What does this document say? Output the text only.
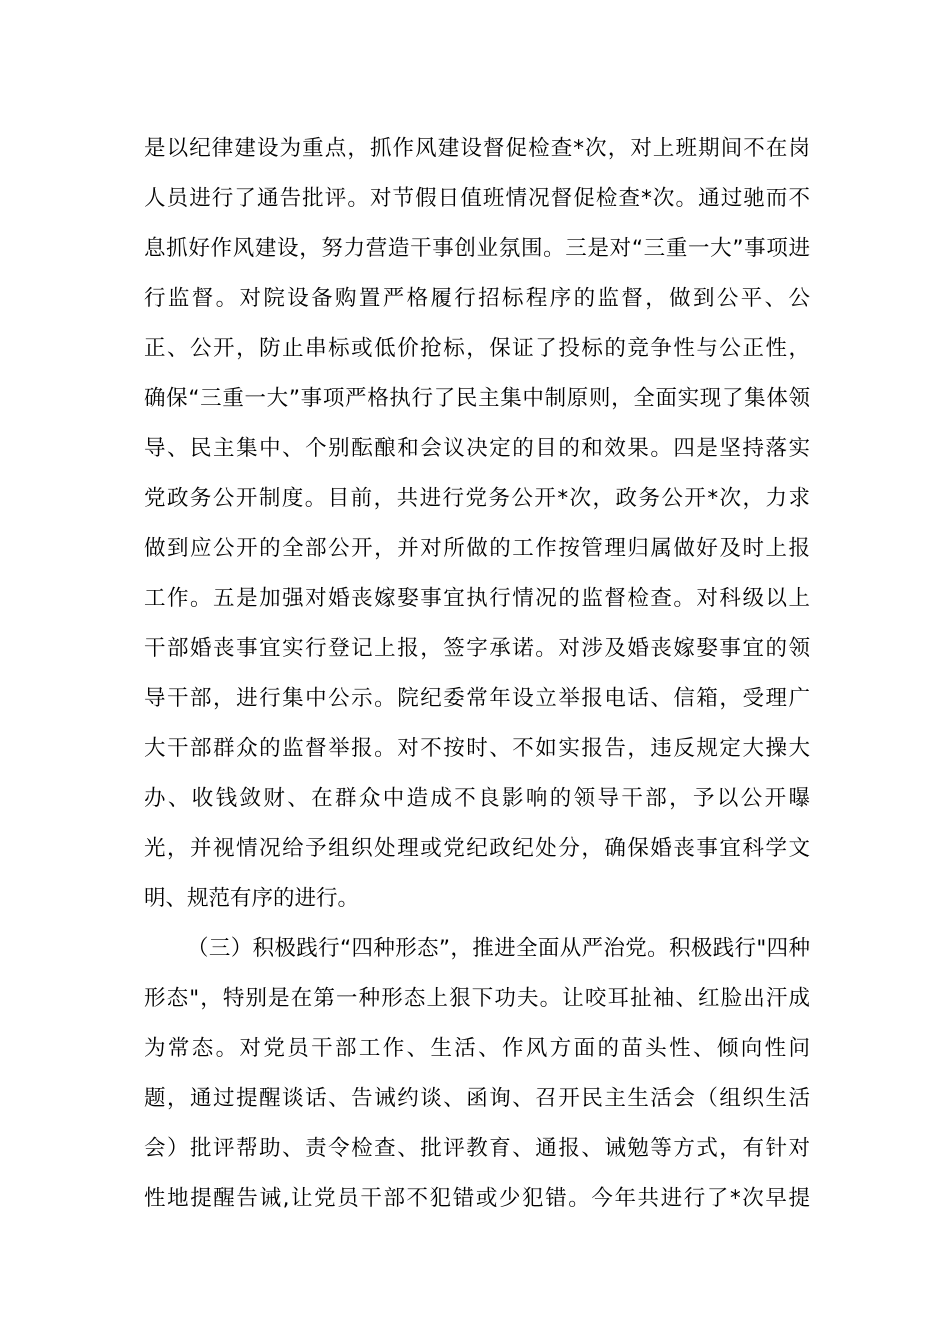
是以纪律建设为重点，抓作风建设督促检查*次，对上班期间不在岗
人员进行了通告批评。对节假日值班情况督促检查*次。通过驰而不
息抓好作风建设，努力营造干事创业氛围。三是对“三重一大”事项进
行监督。对院设备购置严格履行招标程序的监督，做到公平、公
正、公开，防止串标或低价抢标，保证了投标的竞争性与公正性，
确保“三重一大”事项严格执行了民主集中制原则，全面实现了集体领
导、民主集中、个别酝酿和会议决定的目的和效果。四是坚持落实
党政务公开制度。目前，共进行党务公开*次，政务公开*次，力求
做到应公开的全部公开，并对所做的工作按管理归属做好及时上报
工作。五是加强对婚丧嫁娶事宜执行情况的监督检查。对科级以上
干部婚丧事宜实行登记上报，签字承诺。对涉及婚丧嫁娶事宜的领
导干部，进行集中公示。院纪委常年设立举报电话、信箱，受理广
大干部群众的监督举报。对不按时、不如实报告，违反规定大操大
办、收钱敛财、在群众中造成不良影响的领导干部，予以公开曝
光，并视情况给予组织处理或党纪政纪处分，确保婚丧事宜科学文
明、规范有序的进行。
（三）积极践行“四种形态”，推进全面从严治党。积极践行"四种
形态"，特别是在第一种形态上狠下功夫。让咬耳扯袖、红脸出汗成
为常态。对党员干部工作、生活、作风方面的苗头性、倾向性问
题，通过提醒谈话、告诫约谈、函询、召开民主生活会（组织生活
会）批评帮助、责令检查、批评教育、通报、诫勉等方式，有针对
性地提醒告诫,让党员干部不犯错或少犯错。今年共进行了*次早提
